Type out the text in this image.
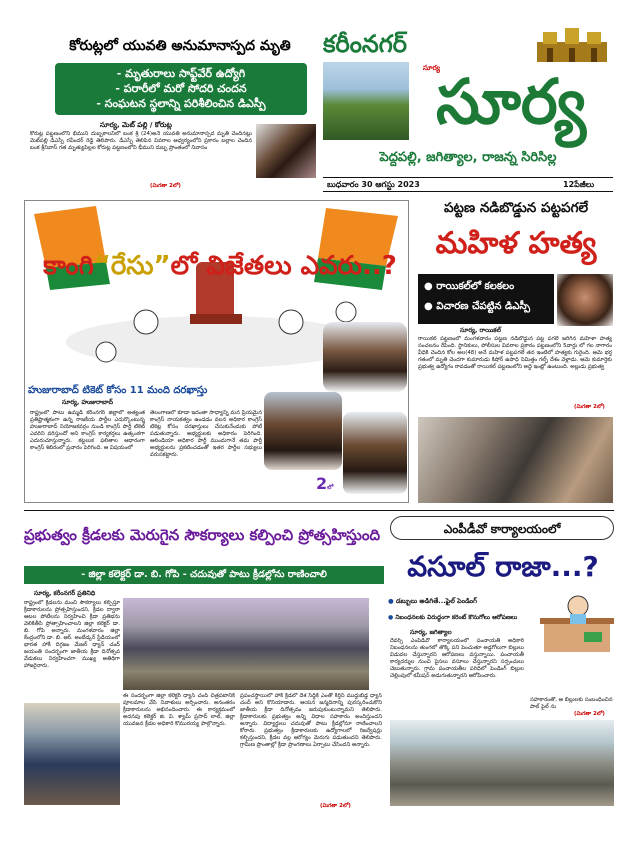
కోరుట్లలో యువతి అనుమానాస్పద మృతి
- మృతురాలు సాఫ్ట్‌వేర్ ఉద్యోగి
- పరారీలో మరో సోదరి చందన
- సంఘటన స్థలాన్ని పరిశీలించిన డిఎస్పీ
సూర్య, మెట్ పల్లి / కోరుట్ల
కోరుట్ల పట్టణంలోని భీముని దుబ్బకాలనీలో బంక శ్రీ (24)అనే యువతి అనుమానాస్పద మృతి చెందినట్లు మెట్‌పల్లి డీఎస్పీ రవీందర్ రెడ్డి తెలిపారు. డీఎస్పీ తెలిపిన వివరాల ఆధ్వర్యంలోని ప్రకారం బల్లాల చెందిన బంక శ్రీనివాస్ గత మృత్యుపిల్లల కోరుట్ల పట్టణంలోని భీముని దుబ్బ ప్రాంతంలో నివాసం
(మిగతా 2లో)
కరీంనగర్
సూర్య
సూర్య
పెద్దపల్లి, జగిత్యాల, రాజన్న సిరిసిల్ల
బుధవారం 30 ఆగస్టు 2023	12పేజీలు
కాంగి“రేసు”లో విజేతలు ఎవరు..?
హుజురాబాద్ టికెట్ కోసం 11 మంది దరఖాస్తు
సూర్య, హుజురాబాద్
రాష్ట్రంలో పాటు ఉమ్మడి కరీంనగర్ జిల్లాలో అత్యంత ప్రతిష్టాత్మకంగా ఉన్న రాజకీయ పార్టీల ఎదుర్కొంటున్న హుజురాబాద్ నియోజకవర్గం నుండి కాంగ్రెస్ పార్టీ టికెట్ ఎవరిని వరిస్తుందో అని కాంగ్రెస్ కార్యకర్తలు ఉత్కంఠగా ఎదురుచూస్తున్నారు. కట్టలుక ఫలితాల ఆధారంగా కాంగ్రెస్ శిబిరంలో ప్రచారం పెరిగింది. ఆ విషయంలో
తెలంగాణలో కూడా ఇదంతా సాధ్యాన్ని మన ప్రియమైన కాంగ్రెస్ నాయకత్వం ఉండడం వలన అధికార కాంగ్రెస్ టికెట్ల కోసం దరఖాస్తులు చేసుకునేందుకు పోటీ పడుతున్నారు. అభ్యర్థులకు అధికారం పెరిగింది. ఆలిండియా అధికార పార్టీ ముందుగానే తమ పార్టీ అభ్యర్థులను ప్రకటించడంతో ఇతర పార్టీల సభ్యులు వరుసకట్టారు.
2లో
పట్టణ నడిబొడ్డున పట్టపగలే
మహిళ హత్య
● రాయికల్‌లో కలకలం
● విచారణ చేపట్టిన డిఎస్పీ
సూర్య, రాయికల్
రాయికల్ పట్టణంలో మంగళవారం పట్టణ నడిబొడ్డున పట్ట పగలే జరిగిన మహిళా హత్య సంచలనం రేపింది. స్థానికులు, పోలీసుల వివరాల ప్రకారం పట్టణంలోని 5వార్డు లో గల నాగారం వీధికి చెందిన కోల అల(48) అనే మహిళ పట్టపగలే తన ఇంటిలో హత్యకు గురైంది. ఆమె భర్త గతంలో మృతి చెందగా కుమారుడు కిషోర్ ఉపాధి నిమిత్తం గల్ఫ్ దేశం వెళ్లాడు. ఆమె కుమార్తెకు ప్రభుత్వ ఉద్యోగం రావడంతో రాయికల్ పట్టణంలోని అద్దె ఇంట్లో ఉంటుంది. అల్లుడు ప్రభుత్వ
(మిగతా 2లో)
ప్రభుత్వం క్రీడలకు మెరుగైన సౌకర్యాలు కల్పించి ప్రోత్సహిస్తుంది
- జిల్లా కలెక్టర్ డా. బి. గోపి - చదువుతో పాటు క్రీడల్లోను రాణించాలి
సూర్య, కరీంనగర్ ప్రతినిధి
రాష్ట్రంలో క్రీడలను మంచి సౌకర్యాలు కల్పిస్తూ క్రీడాకారులను ప్రోత్సహిస్తుందని, క్రీడల ద్వారా ఆటల పోటీలను నిర్వహించి క్రీడా ప్రతిభను వెలికితీసి ప్రోత్సాహించాలని జిల్లా కలెక్టర్ డా. బి. గోపి అన్నారు. మంగళవారం జిల్లా కేంద్రంలోని డా. బి. ఆర్. అంబేడ్కర్ స్టేడియంలో భారత హాకీ దిగ్గజం మేజర్ ధ్యాన్ చంద్ జయంతి సందర్భంగా జాతీయ క్రీడా దినోత్సవ వేడుకలు నిర్వహించగా ముఖ్య అతిథిగా హాజరైనారు.
ఈ సందర్భంగా జిల్లా కలెక్టర్ ధ్యాన్ చంద్ చిత్రపటానికి పూలమాల వేసి నివాళులు అర్పించారు. అనంతరం క్రీడాకారులను అభినందించారు. ఈ కార్యక్రమంలో అదనపు కలెక్టర్ జి. వి. శ్యామ్ ప్రసాద్ లాల్, జిల్లా యువజన క్రీడల అధికారి కొమురయ్య పాల్గొన్నారు.
ప్రపంచస్థాయిలో హాకీ క్రీడలో దేశ సిద్ధికి ఎంతో కీర్తిని ముద్దుబిడ్డ ధ్యాన్ చంద్ అని కొనియాడారు. ఆయన జన్మదినాన్ని పురస్కరించుకొని జాతీయ క్రీడా దినోత్సవం జరుపుకుంటున్నామని తెలిపారు. క్రీడాకారులకు ప్రభుత్వం అన్ని విధాల సహకారం అందిస్తుందని అన్నారు. విద్యార్థులు చదువుతో పాటు క్రీడల్లోనూ రాణించాలని కోరారు. ప్రభుత్వం క్రీడాకారులకు ఉద్యోగాలలో రిజర్వేషన్లు కల్పిస్తుందని, క్రీడల వల్ల ఆరోగ్యం మెరుగు పడుతుందని తెలిపారు. గ్రామీణ ప్రాంతాల్లో క్రీడా ప్రాంగణాలు ఏర్పాటు చేసిందని అన్నారు.
(మిగతా 2లో)
ఎంపీడీవో కార్యాలయంలో
వసూల్ రాజా...?
● డబ్బులు అడిగితే...ఫైల్ పెండింగ్
● నిబంధనలకు విరుద్ధంగా కరెంట్ కొనుగోలు ఆరోపణలు
సూర్య, జగిత్యాల
దేవర్స్ ఎంపీడీవో కార్యాలయంలో పంచాయతీ అధికారి నిబంధనలను తుంగలో తొక్కి పని పెంచుతూ అడ్డగోలుగా బిల్లులు విడుదల చేస్తున్నారని ఆరోపణలు వస్తున్నాయి. పంచాయతీ కార్యదర్శుల నుంచి పైసలు వసూలు చేస్తున్నారని సర్పంచులు చెబుతున్నారు. గ్రామ పంచాయతీల పరిధిలో పెండింగ్ బిల్లుల చెల్లింపులో కమీషన్ అడుగుతున్నారని ఆరోపించారు.
సహకారంతో, ఆ బిల్లులకు సంబంధించిన పాల్ పైల్ ను
(మిగతా 2లో)
